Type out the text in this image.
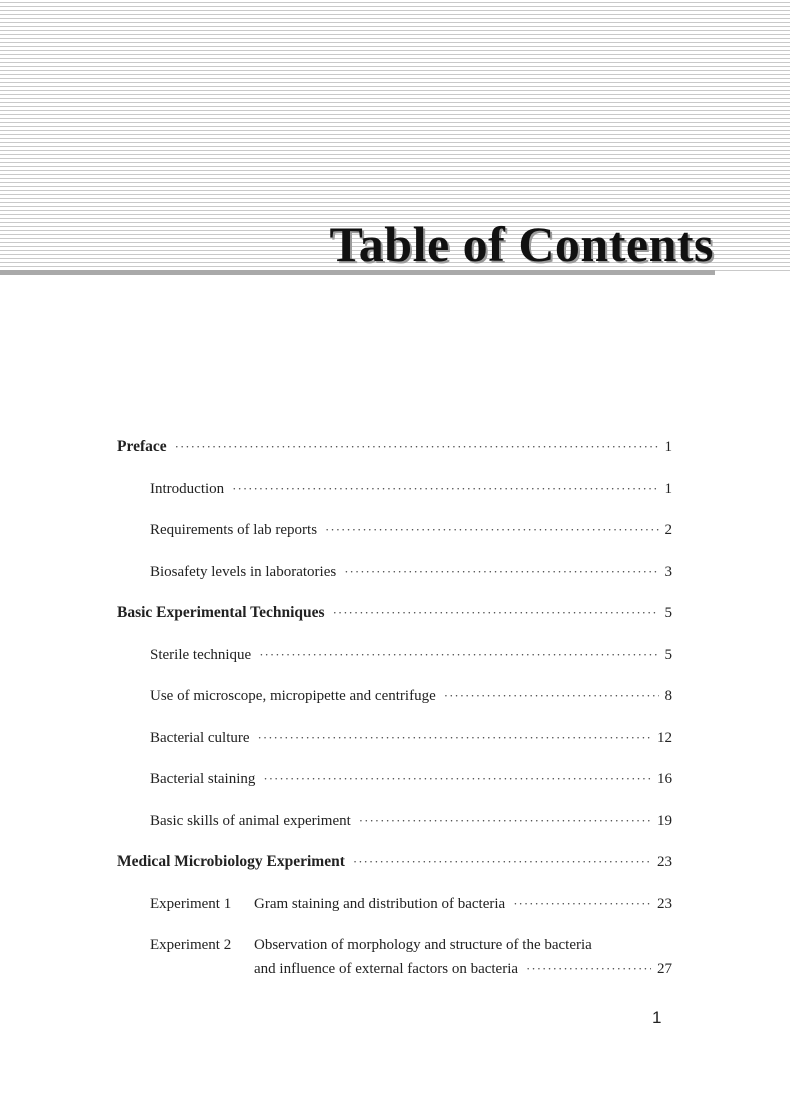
Table of Contents
Preface ·····	1
Introduction ·····	1
Requirements of lab reports ·····	2
Biosafety levels in laboratories ·····	3
Basic Experimental Techniques ·····	5
Sterile technique ·····	5
Use of microscope, micropipette and centrifuge ·····	8
Bacterial culture ·····	12
Bacterial staining ·····	16
Basic skills of animal experiment ·····	19
Medical Microbiology Experiment ·····	23
Experiment 1	Gram staining and distribution of bacteria ·····	23
Experiment 2	Observation of morphology and structure of the bacteria
and influence of external factors on bacteria ·····	27
1
